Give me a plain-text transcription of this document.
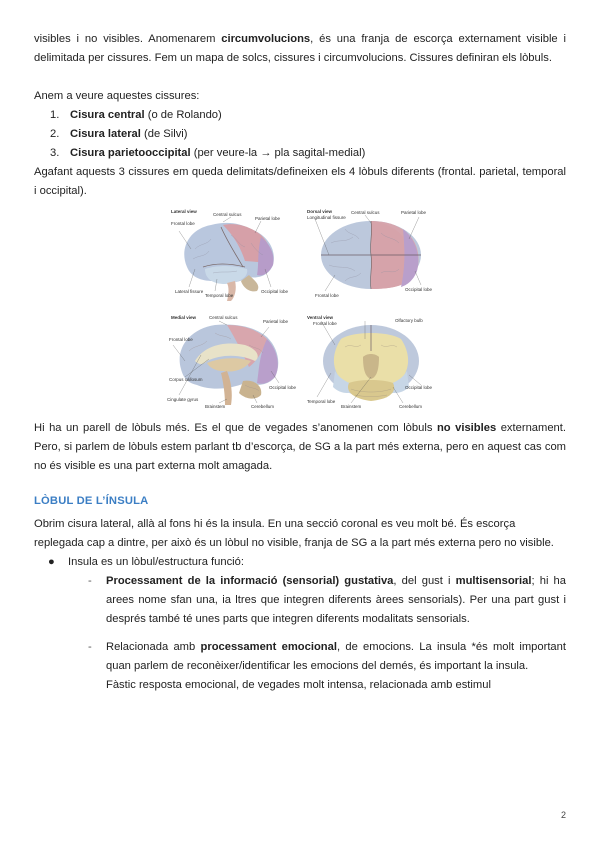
visibles i no visibles. Anomenarem circumvolucions, és una franja de escorça externament visible i delimitada per cissures. Fem un mapa de solcs, cissures i circumvolucions. Cissures definiran els lòbuls.

Anem a veure aquestes cissures:

1. Cisura central (o de Rolando)
2. Cisura lateral (de Silvi)
3. Cisura parietooccipital (per veure-la → pla sagital-medial)

Agafant aquests 3 cissures em queda delimitats/defineixen els 4 lòbuls diferents (frontal. parietal, temporal i occipital).

Lateral view
Central sulcus
Parietal lobe
Frontal lobe
Occipital lobe
Temporal lobe
Lateral fissure
Dorsal view
Longitudinal fissure
Frontal lobe
Central sulcus	Parietal lobe
Occipital lobe
Medial view	Central sulcus
Parietal lobe
Frontal lobe
Occipital lobe
Corpus callosum
Cingulate gyrus
Brainstem	Cerebellum
Ventral view
Frontal lobe
Olfactory bulb
Temporal lobe
Brainstem	Cerebellum
Occipital lobe

Hi ha un parell de lòbuls més. Es el que de vegades s’anomenen com lòbuls no visibles externament. Pero, si parlem de lòbuls estem parlant tb d’escorça, de SG a la part més externa, pero en aquest cas com no és visible es una part externa molt amagada.

LÒBUL DE L’ÍNSULA

Obrim cisura lateral, allà al fons hi és la insula. En una secció coronal es veu molt bé. És escorça replegada cap a dintre, per això és un lòbul no visible, franja de SG a la part més externa pero no visible.

●	Insula es un lòbul/estructura funció:
-	Processament de la informació (sensorial) gustativa, del gust i multisensorial; hi ha arees nome sfan una, ia ltres que integren diferents àrees sensorials). Per una part gust i després també té unes parts que integren diferents modalitats sensorials.
-	Relacionada amb processament emocional, de emocions. La insula *és molt important quan parlem de reconèixer/identificar les emocions del demés, és important la insula.

Fàstic resposta emocional, de vegades molt intensa, relacionada amb estimul

2
